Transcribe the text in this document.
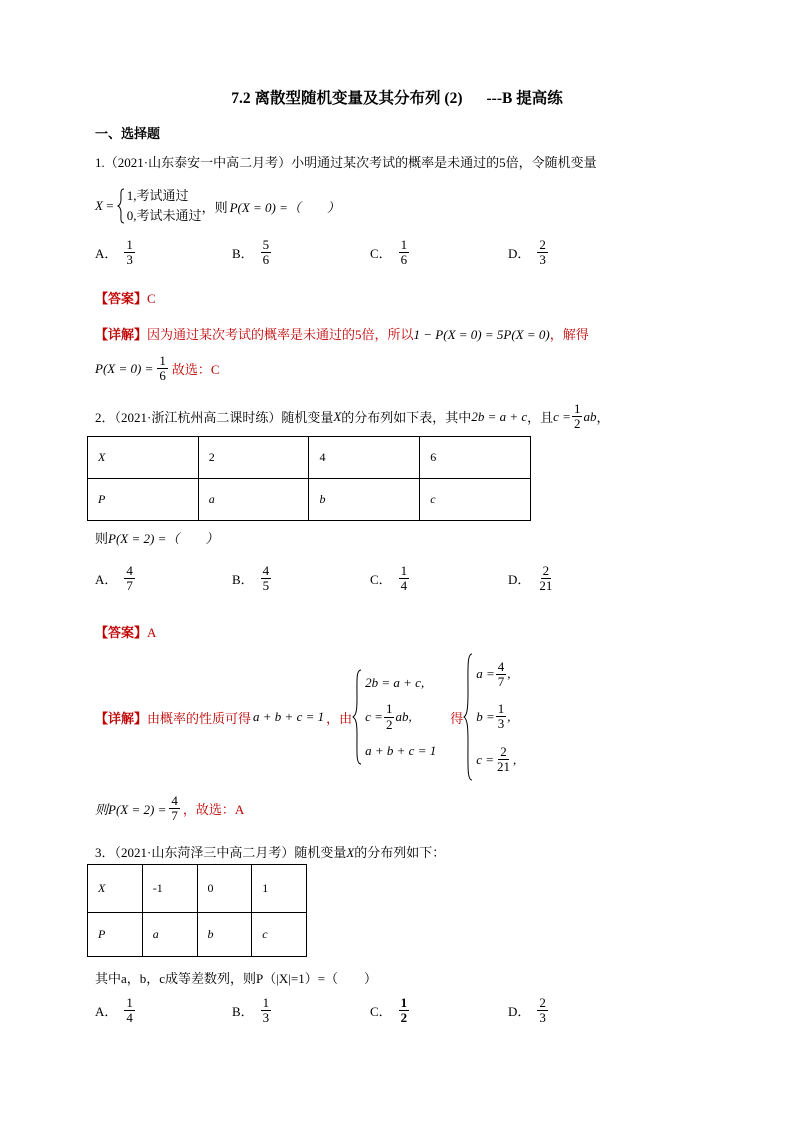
7.2 离散型随机变量及其分布列 (2) ---B 提高练
一、选择题
1.（2021·山东泰安一中高二月考）小明通过某次考试的概率是未通过的5倍，令随机变量
X =
1,考试通过
0,考试未通过
，则 P(X = 0) =（　　）
A． $\frac{1}{3}$	B． $\frac{5}{6}$	C． $\frac{1}{6}$	D． $\frac{2}{3}$
【答案】C
【详解】因为通过某次考试的概率是未通过的5倍，所以1 − P(X = 0) = 5P(X = 0)，解得
$P(X = 0) = \frac{1}{6}$ 故选：C
2．（2021·浙江杭州高二课时练）随机变量 X 的分布列如下表，其中 2b = a + c ，且 $c = \frac{1}{2}$ ab ，
X	2	4	6
P	a	b	c
则P(X = 2) =（　　）
A． $\frac{4}{7}$	B． $\frac{4}{5}$	C． $\frac{1}{4}$	D． $\frac{2}{21}$
【答案】A
【详解】 由概率的性质可得 a + b + c = 1 ，由
2b = a + c,
$c = \frac{1}{2}$ ab,
a + b + c = 1
得
$a = \frac{4}{7}$ ,
$b = \frac{1}{3}$ ,
$c = \frac{2}{21}$ ,
则$P(X = 2) = \frac{4}{7}$ ，故选：A
3．（2021·山东菏泽三中高二月考）随机变量X的分布列如下：
X	-1	0	1
P	a	b	c
其中a，b，c成等差数列，则P（|X|=1）=（　　）
A． $\frac{1}{4}$	B． $\frac{1}{3}$	C． $\frac{1}{2}$	D． $\frac{2}{3}$
